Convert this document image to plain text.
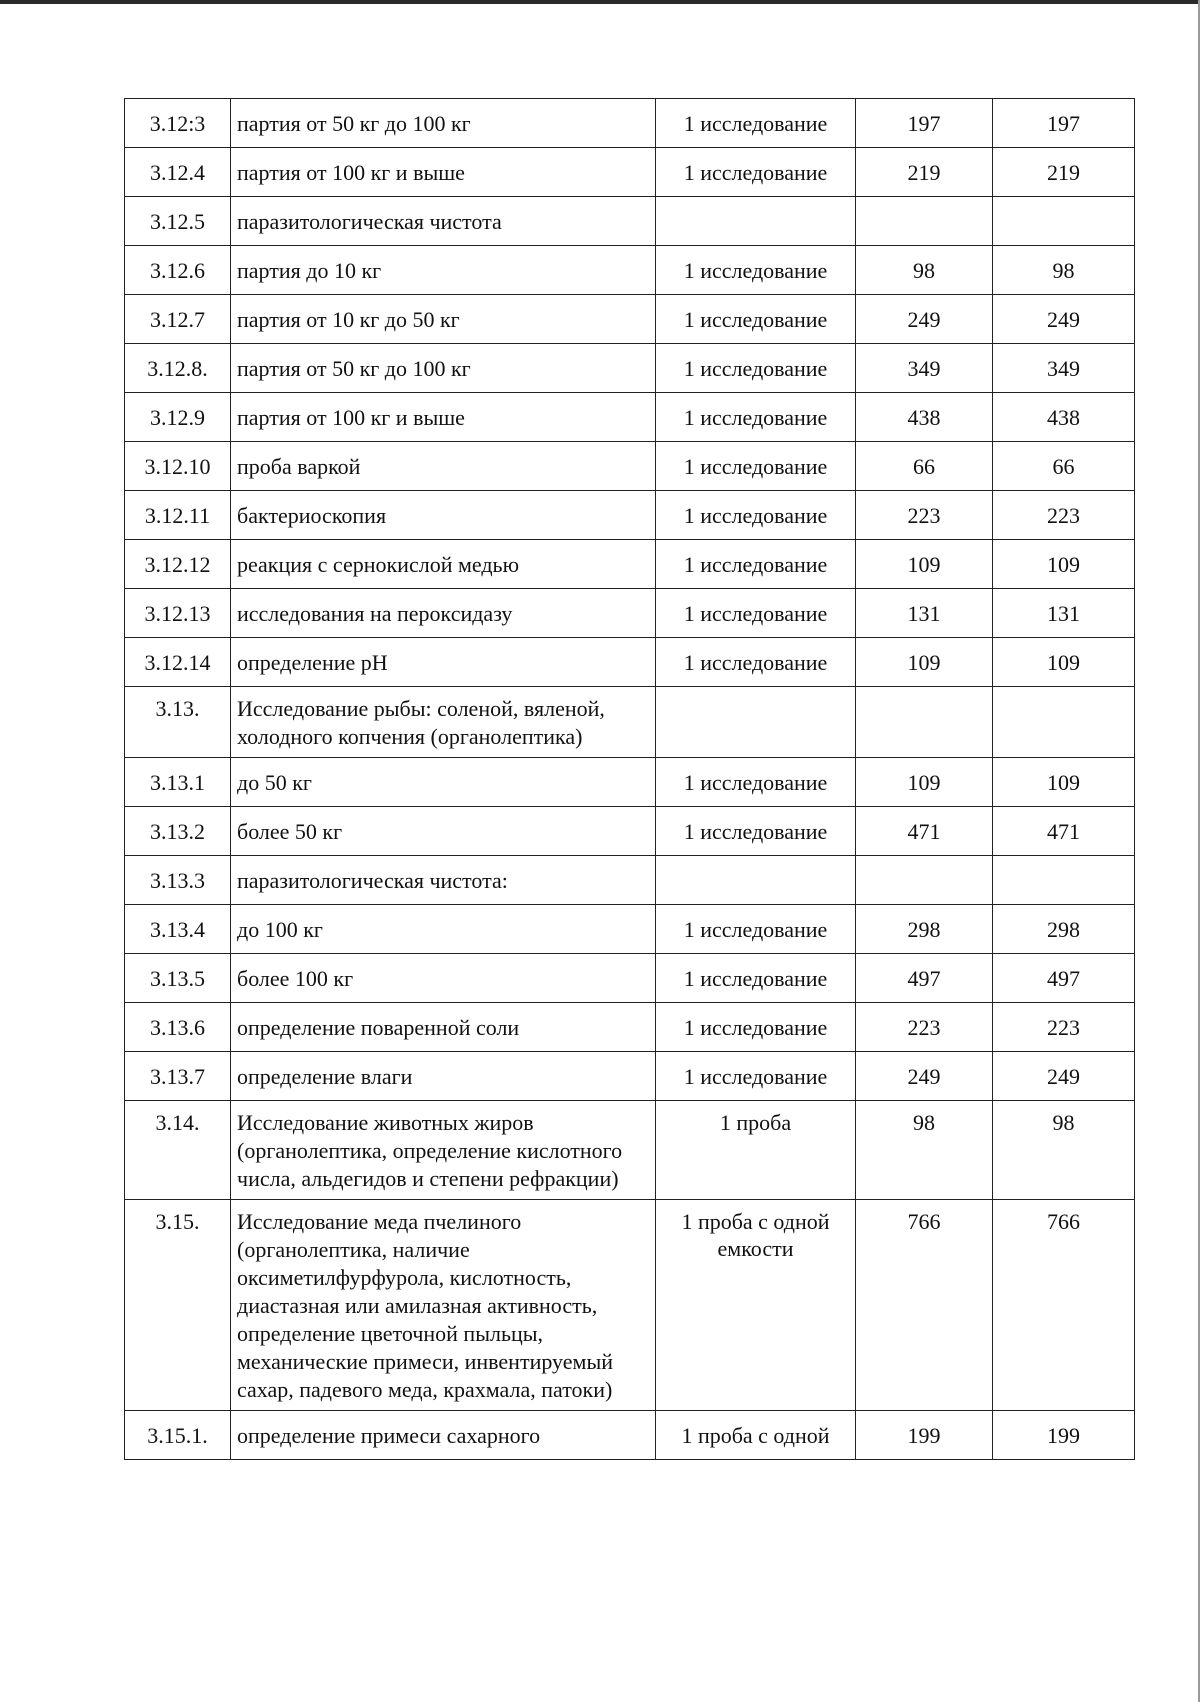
3.12:3	партия от 50 кг до 100 кг	1 исследование	197	197
3.12.4	партия от 100 кг и выше	1 исследование	219	219
3.12.5	паразитологическая чистота			
3.12.6	партия до 10 кг	1 исследование	98	98
3.12.7	партия от 10 кг до 50 кг	1 исследование	249	249
3.12.8.	партия от 50 кг до 100 кг	1 исследование	349	349
3.12.9	партия от 100 кг и выше	1 исследование	438	438
3.12.10	проба варкой	1 исследование	66	66
3.12.11	бактериоскопия	1 исследование	223	223
3.12.12	реакция с сернокислой медью	1 исследование	109	109
3.12.13	исследования на пероксидазу	1 исследование	131	131
3.12.14	определение pH	1 исследование	109	109
3.13.	Исследование рыбы: соленой, вяленой, холодного копчения (органолептика)			
3.13.1	до 50 кг	1 исследование	109	109
3.13.2	более 50 кг	1 исследование	471	471
3.13.3	паразитологическая чистота:			
3.13.4	до 100 кг	1 исследование	298	298
3.13.5	более 100 кг	1 исследование	497	497
3.13.6	определение поваренной соли	1 исследование	223	223
3.13.7	определение влаги	1 исследование	249	249
3.14.	Исследование животных жиров (органолептика, определение кислотного числа, альдегидов и степени рефракции)	1 проба	98	98
3.15.	Исследование меда пчелиного (органолептика, наличие оксиметилфурфурола, кислотность, диастазная или амилазная активность, определение цветочной пыльцы, механические примеси, инвентируемый сахар, падевого меда, крахмала, патоки)	1 проба с одной емкости	766	766
3.15.1.	определение примеси сахарного	1 проба с одной	199	199
